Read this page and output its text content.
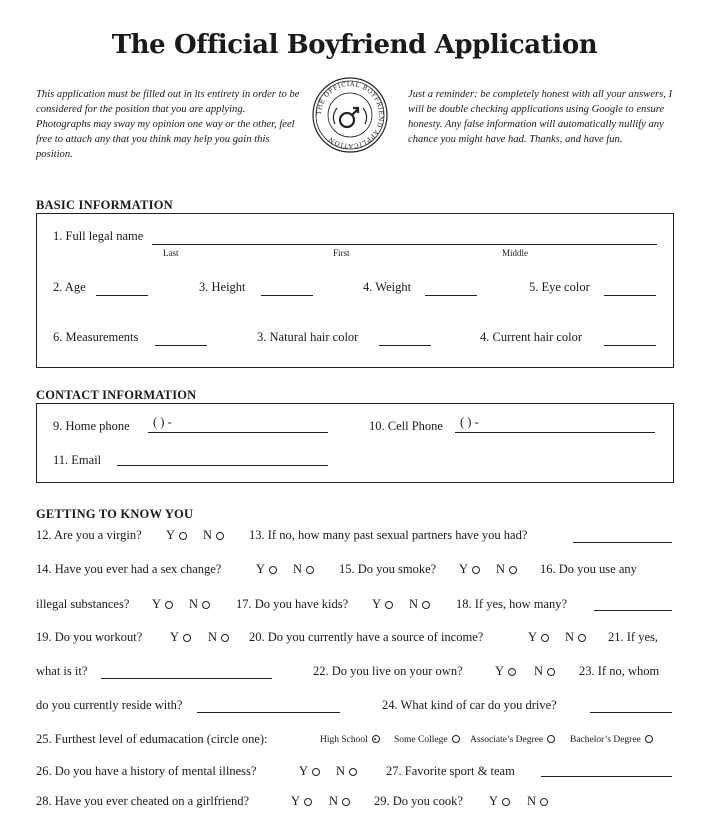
The Official Boyfriend Application
This application must be filled out in its entirety in order to be considered for the position that you are applying. Photographs may sway my opinion one way or the other, feel free to attach any that you think may help you gain this position.
THE OFFICIAL BOYFRIEND APPLICATION
Just a reminder: be completely honest with all your answers, I will be double checking applications using Google to ensure honesty. Any false information will automatically nullify any chance you might have had. Thanks, and have fun.
BASIC INFORMATION
1. Full legal name
Last	First	Middle
2. Age	3. Height	4. Weight	5. Eye color
6. Measurements	3. Natural hair color	4. Current hair color
CONTACT INFORMATION
9. Home phone ( ) -	10. Cell Phone ( ) -
11. Email
GETTING TO KNOW YOU
12. Are you a virgin? Y	N	13. If no, how many past sexual partners have you had?
14. Have you ever had a sex change?	Y	N	15. Do you smoke? Y	N	16. Do you use any
illegal substances? Y	N	17. Do you have kids? Y	N	18. If yes, how many?
19. Do you workout? Y	N	20. Do you currently have a source of income?	Y	N	21. If yes,
what is it?	22. Do you live on your own?	Y	N	23. If no, whom
do you currently reside with?	24. What kind of car do you drive?
25. Furthest level of edumacation (circle one):	High School	Some College	Associate’s Degree	Bachelor’s Degree
26. Do you have a history of mental illness?	Y	N	27. Favorite sport & team
28. Have you ever cheated on a girlfriend?	Y	N	29. Do you cook? Y	N
